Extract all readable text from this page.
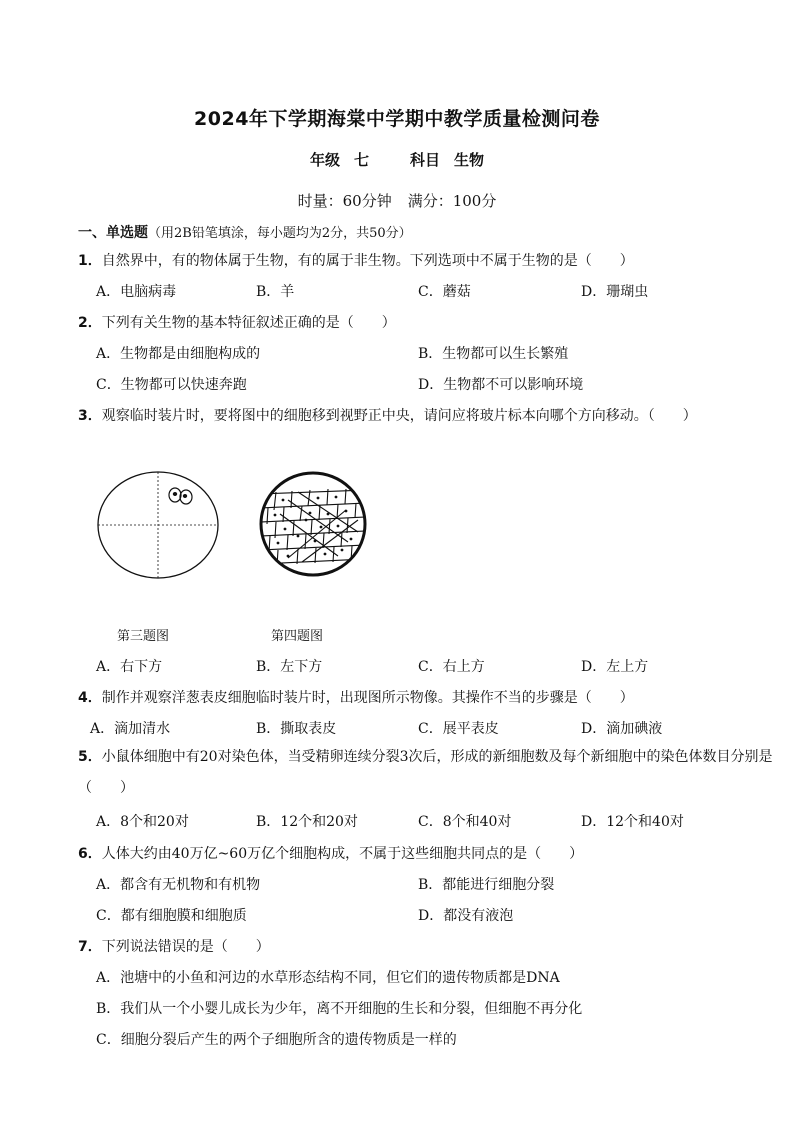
2024年下学期海棠中学期中教学质量检测问卷
年级 七	科目 生物
时量：60分钟 满分：100分
一、单选题（用2B铅笔填涂，每小题均为2分，共50分）
1．自然界中，有的物体属于生物，有的属于非生物。下列选项中不属于生物的是（　　）
A．电脑病毒	B．羊	C．蘑菇	D．珊瑚虫
2．下列有关生物的基本特征叙述正确的是（　　）
A．生物都是由细胞构成的	B．生物都可以生长繁殖
C．生物都可以快速奔跑	D．生物都不可以影响环境
3．观察临时装片时，要将图中的细胞移到视野正中央，请问应将玻片标本向哪个方向移动。（　　）
第三题图	第四题图
A．右下方	B．左下方	C．右上方	D．左上方
4．制作并观察洋葱表皮细胞临时装片时，出现图所示物像。其操作不当的步骤是（　　）
A．滴加清水	B．撕取表皮	C．展平表皮	D．滴加碘液
5．小鼠体细胞中有20对染色体，当受精卵连续分裂3次后，形成的新细胞数及每个新细胞中的染色体数目分别是（　　）
A．8个和20对	B．12个和20对	C．8个和40对	D．12个和40对
6．人体大约由40万亿~60万亿个细胞构成，不属于这些细胞共同点的是（　　）
A．都含有无机物和有机物	B．都能进行细胞分裂
C．都有细胞膜和细胞质	D．都没有液泡
7．下列说法错误的是（　　）
A．池塘中的小鱼和河边的水草形态结构不同，但它们的遗传物质都是DNA
B．我们从一个小婴儿成长为少年，离不开细胞的生长和分裂，但细胞不再分化
C．细胞分裂后产生的两个子细胞所含的遗传物质是一样的
